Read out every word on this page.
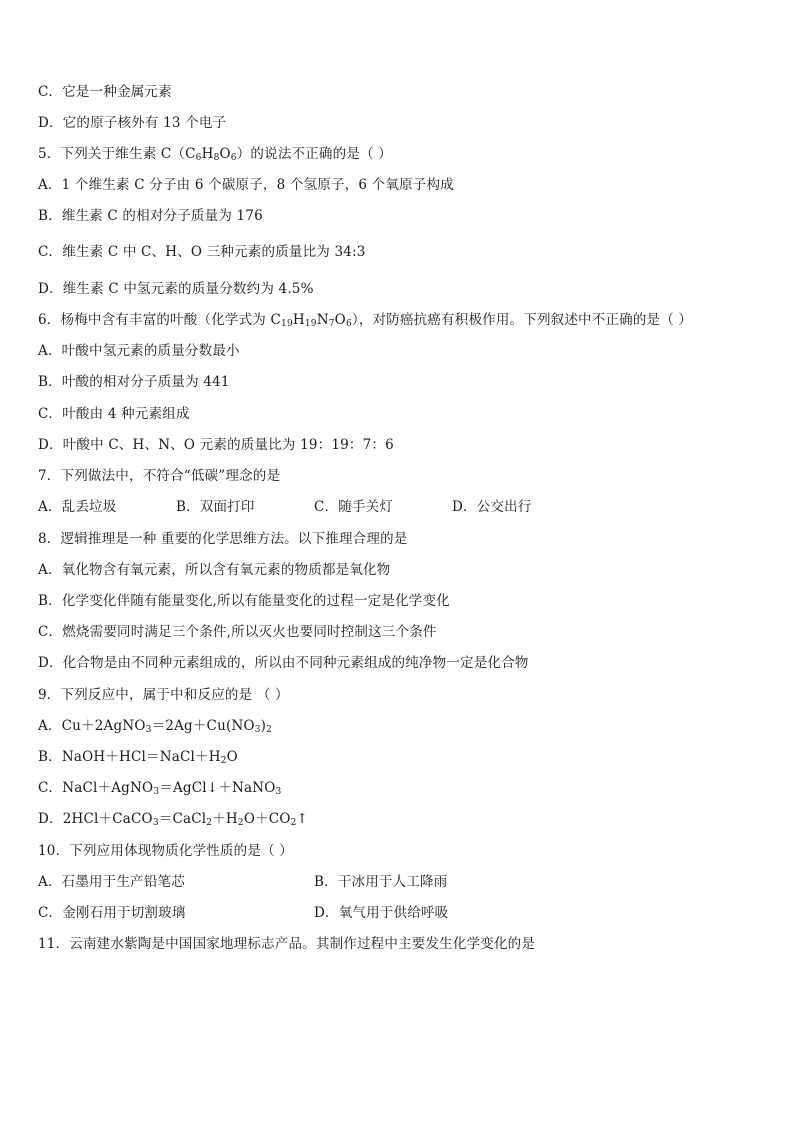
C．它是一种金属元素
D．它的原子核外有 13 个电子
5．下列关于维生素 $C(C_6H_8O_6)$的说法不正确的是（ ）
A．1 个维生素 C 分子由 6 个碳原子，8 个氢原子，6 个氧原子构成
B．维生素 C 的相对分子质量为 176
C．维生素 C 中 C、H、O 三种元素的质量比为 34:3
D．维生素 C 中氢元素的质量分数约为 4.5%
6．杨梅中含有丰富的叶酸（化学式为 $C_{19}H_{19}N_7O_6$），对防癌抗癌有积极作用。下列叙述中不正确的是（ ）
A．叶酸中氢元素的质量分数最小
B．叶酸的相对分子质量为 441
C．叶酸由 4 种元素组成
D．叶酸中 C、H、N、O 元素的质量比为 19：19：7：6
7．下列做法中，不符合“低碳”理念的是
A．乱丢垃圾	B．双面打印	C．随手关灯	D．公交出行
8．逻辑推理是一种 重要的化学思维方法。以下推理合理的是
A．氧化物含有氧元素，所以含有氧元素的物质都是氧化物
B．化学变化伴随有能量变化,所以有能量变化的过程一定是化学变化
C．燃烧需要同时满足三个条件,所以灭火也要同时控制这三个条件
D．化合物是由不同种元素组成的，所以由不同种元素组成的纯净物一定是化合物
9．下列反应中，属于中和反应的是 （ ）
A．$Cu+2AgNO_3=2Ag+Cu(NO_3)_2$
B．$NaOH+HCl=NaCl+H_2O$
C．NaCl＋AgNO$_3$＝AgCl↓＋NaNO$_3$
D．$2HCl+CaCO_3=CaCl_2+H_2O+CO_2↑$
10．下列应用体现物质化学性质的是（ ）
A．石墨用于生产铅笔芯	B．干冰用于人工降雨
C．金刚石用于切割玻璃	D．氧气用于供给呼吸
11．云南建水紫陶是中国国家地理标志产品。其制作过程中主要发生化学变化的是
